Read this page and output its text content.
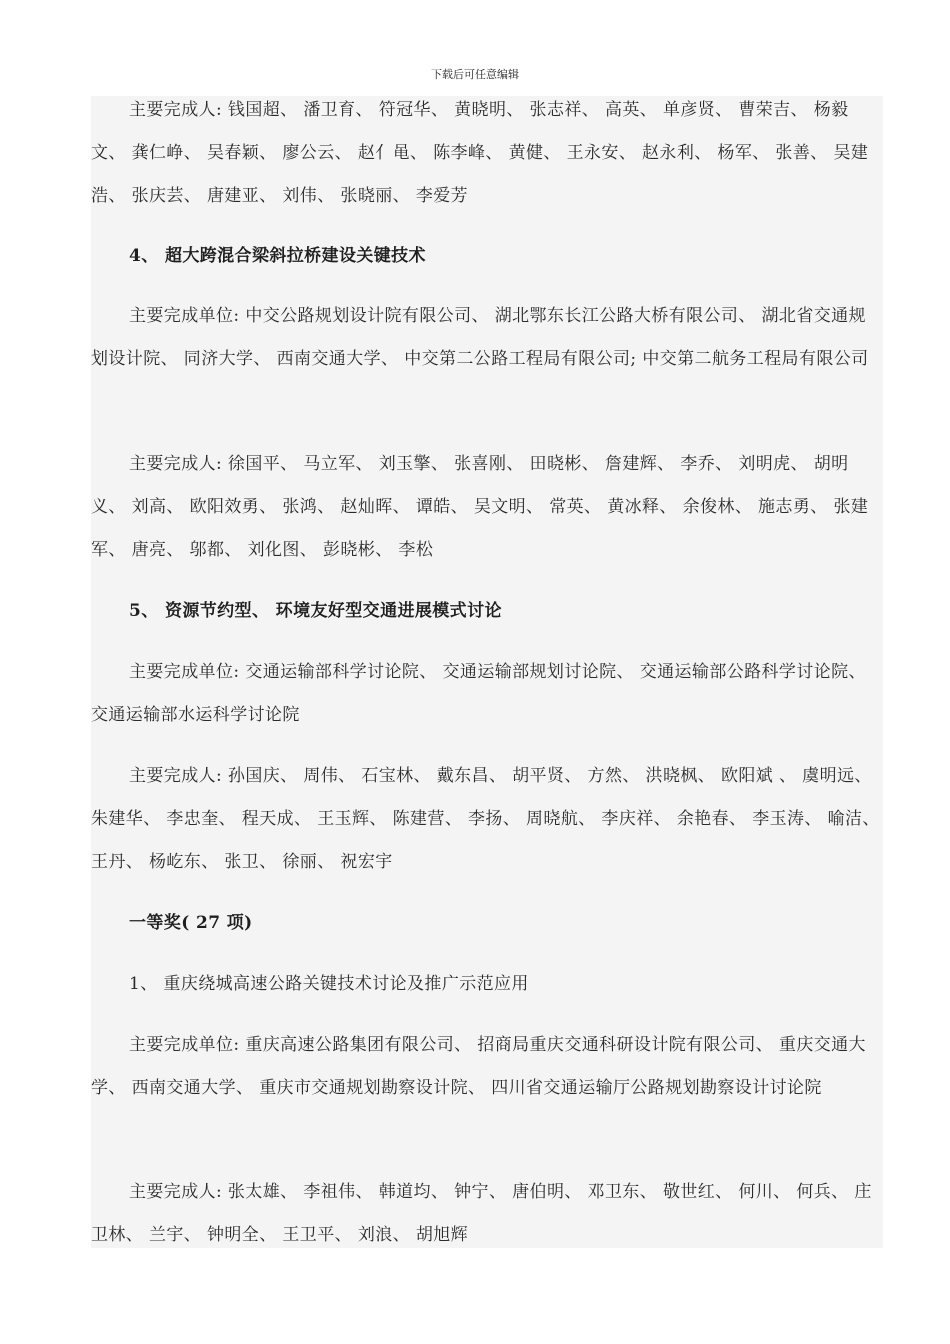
下载后可任意编辑

主要完成人: 钱国超、 潘卫育、 符冠华、 黄晓明、 张志祥、 高英、 单彦贤、 曹荣吉、 杨毅文、 龚仁峥、 吴春颖、 廖公云、 赵亻黾、 陈李峰、 黄健、 王永安、 赵永利、 杨军、 张善、 吴建浩、 张庆芸、 唐建亚、 刘伟、 张晓丽、 李爱芳

4、 超大跨混合梁斜拉桥建设关键技术

主要完成单位: 中交公路规划设计院有限公司、 湖北鄂东长江公路大桥有限公司、 湖北省交通规划设计院、 同济大学、 西南交通大学、 中交第二公路工程局有限公司; 中交第二航务工程局有限公司

主要完成人: 徐国平、 马立军、 刘玉擎、 张喜刚、 田晓彬、 詹建辉、 李乔、 刘明虎、 胡明义、 刘高、 欧阳效勇、 张鸿、 赵灿晖、 谭皓、 吴文明、 常英、 黄冰释、 余俊林、 施志勇、 张建军、 唐亮、 邬都、 刘化图、 彭晓彬、 李松

5、 资源节约型、 环境友好型交通进展模式讨论

主要完成单位: 交通运输部科学讨论院、 交通运输部规划讨论院、 交通运输部公路科学讨论院、 交通运输部水运科学讨论院

主要完成人: 孙国庆、 周伟、 石宝林、 戴东昌、 胡平贤、 方然、 洪晓枫、 欧阳斌 、 虞明远、 朱建华、 李忠奎、 程天成、 王玉辉、 陈建营、 李扬、 周晓航、 李庆祥、 余艳春、 李玉涛、 喻洁、 王丹、 杨屹东、 张卫、 徐丽、 祝宏宇

一等奖( 27 项)

1、 重庆绕城高速公路关键技术讨论及推广示范应用

主要完成单位: 重庆高速公路集团有限公司、 招商局重庆交通科研设计院有限公司、 重庆交通大学、 西南交通大学、 重庆市交通规划勘察设计院、 四川省交通运输厅公路规划勘察设计讨论院

主要完成人: 张太雄、 李祖伟、 韩道均、 钟宁、 唐伯明、 邓卫东、 敬世红、 何川、 何兵、 庄卫林、 兰宇、 钟明全、 王卫平、 刘浪、 胡旭辉
